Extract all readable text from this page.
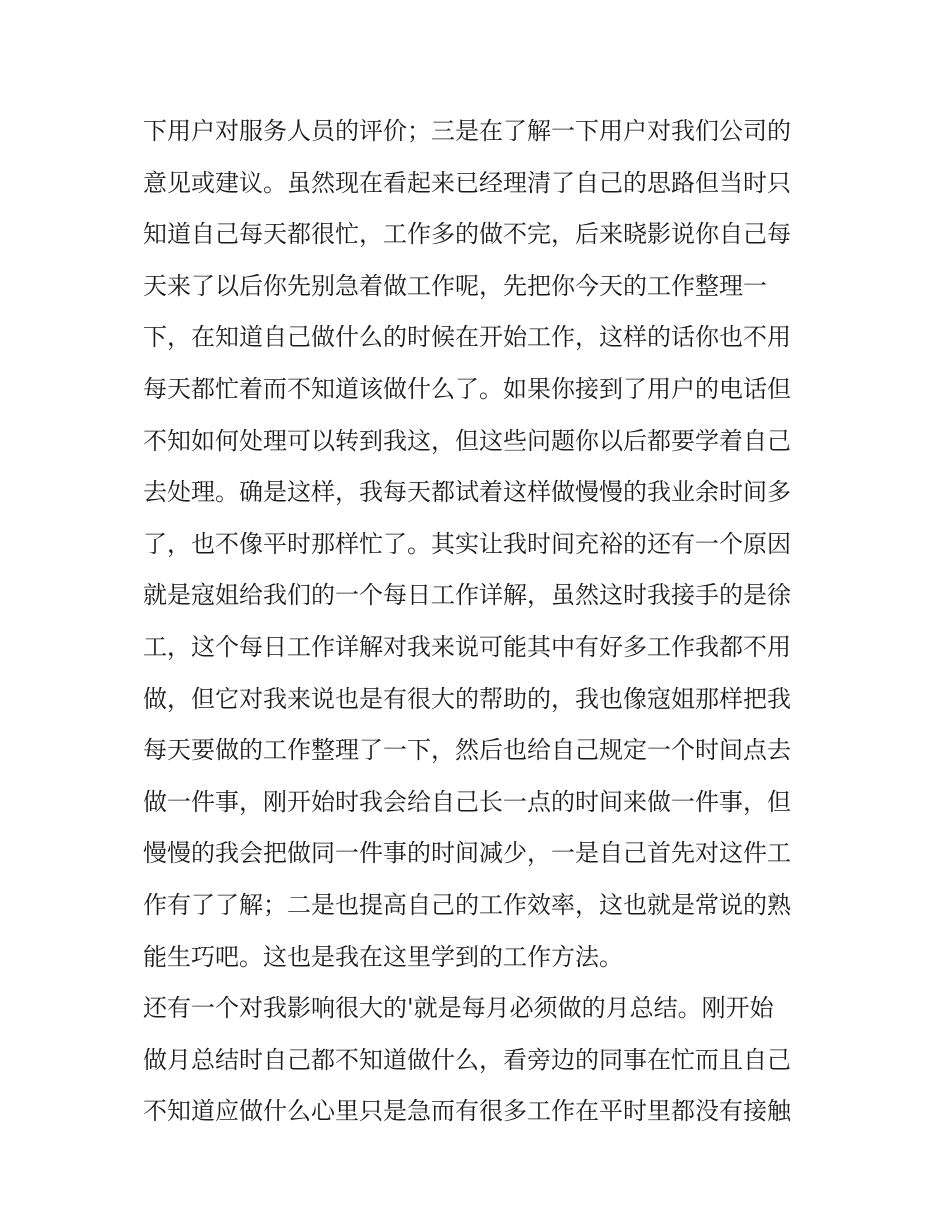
下用户对服务人员的评价；三是在了解一下用户对我们公司的
意见或建议。虽然现在看起来已经理清了自己的思路但当时只
知道自己每天都很忙，工作多的做不完，后来晓影说你自己每
天来了以后你先别急着做工作呢，先把你今天的工作整理一
下，在知道自己做什么的时候在开始工作，这样的话你也不用
每天都忙着而不知道该做什么了。如果你接到了用户的电话但
不知如何处理可以转到我这，但这些问题你以后都要学着自己
去处理。确是这样，我每天都试着这样做慢慢的我业余时间多
了，也不像平时那样忙了。其实让我时间充裕的还有一个原因
就是寇姐给我们的一个每日工作详解，虽然这时我接手的是徐
工，这个每日工作详解对我来说可能其中有好多工作我都不用
做，但它对我来说也是有很大的帮助的，我也像寇姐那样把我
每天要做的工作整理了一下，然后也给自己规定一个时间点去
做一件事，刚开始时我会给自己长一点的时间来做一件事，但
慢慢的我会把做同一件事的时间减少，一是自己首先对这件工
作有了了解；二是也提高自己的工作效率，这也就是常说的熟
能生巧吧。这也是我在这里学到的工作方法。
还有一个对我影响很大的'就是每月必须做的月总结。刚开始
做月总结时自己都不知道做什么，看旁边的同事在忙而且自己
不知道应做什么心里只是急而有很多工作在平时里都没有接触
